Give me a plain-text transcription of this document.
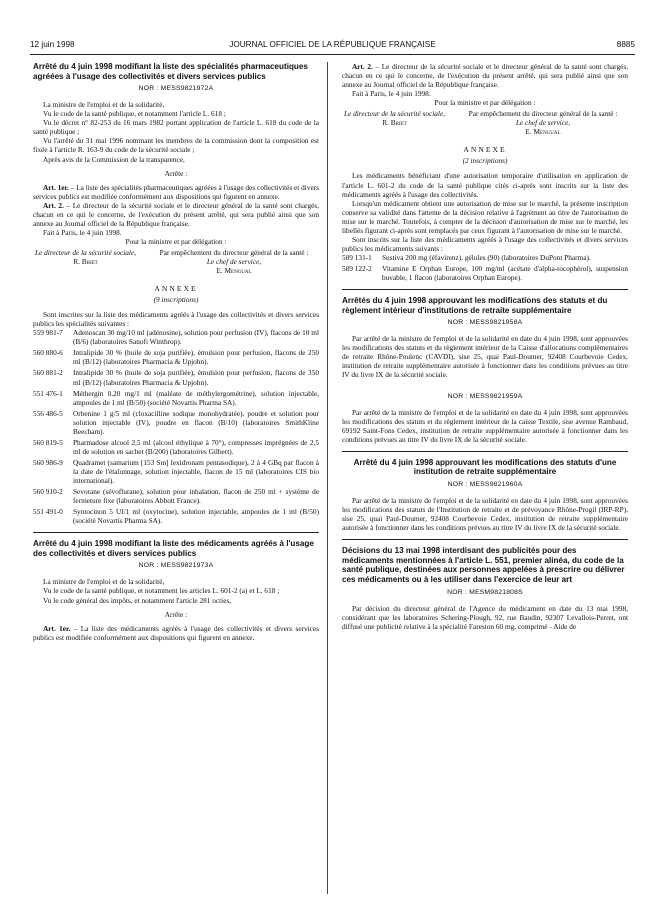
12 juin 1998	JOURNAL OFFICIEL DE LA RÉPUBLIQUE FRANÇAISE	8885

Arrêté du 4 juin 1998 modifiant la liste des spécialités pharmaceutiques agréées à l'usage des collectivités et divers services publics

NOR : MESS9821972A

La ministre de l'emploi et de la solidarité,

Vu le code de la santé publique, et notamment l'article L. 618 ;

Vu le décret n° 82-253 du 16 mars 1982 portant application de l'article L. 618 du code de la santé publique ;

Vu l'arrêté du 31 mai 1996 nommant les membres de la commission dont la composition est fixée à l'article R. 163-9 du code de la sécurité sociale ;

Après avis de la Commission de la transparence,

Arrête :

Art. 1er. – La liste des spécialités pharmaceutiques agréées à l'usage des collectivités et divers services publics est modifiée conformément aux dispositions qui figurent en annexe.

Art. 2. – Le directeur de la sécurité sociale et le directeur général de la santé sont chargés, chacun en ce qui le concerne, de l'exécution du présent arrêté, qui sera publié ainsi que son annexe au Journal officiel de la République française.

Fait à Paris, le 4 juin 1998.

Pour la ministre et par délégation :

Le directeur de la sécurité sociale,
R. Briet
Par empêchement du directeur général de la santé :
Le chef de service,
E. Mengual

ANNEXE

(9 inscriptions)

Sont inscrites sur la liste des médicaments agréés à l'usage des collectivités et divers services publics les spécialités suivantes :

559 981-7	Adenoscan 30 mg/10 ml (adénosine), solution pour perfusion (IV), flacons de 10 ml (B/6) (laboratoires Sanofi Winthrop).
560 880-6	Intralipide 30 % (huile de soja purifiée), émulsion pour perfusion, flacons de 250 ml (B/12) (laboratoires Pharmacia & Upjohn).
560 881-2	Intralipide 30 % (huile de soja purifiée), émulsion pour perfusion, flacons de 350 ml (B/12) (laboratoires Pharmacia & Upjohn).
551 476-1	Méthergin 0,20 mg/1 ml (maléate de méthylergométrine), solution injectable, ampoules de 1 ml (B/50) (société Novartis Pharma SA).
556 486-5	Orbenine 1 g/5 ml (cloxacilline sodique monohydratée), poudre et solution pour solution injectable (IV), poudre en flacon (B/10) (laboratoires SmithKline Beecham).
560 819-5	Pharmadose alcool 2,5 ml (alcool éthylique à 70°), compresses imprégnées de 2,5 ml de solution en sachet (B/200) (laboratoires Gilbert).
560 986-9	Quadramet (samarium [153 Sm] lexidronam pentasodique), 2 à 4 GBq par flacon à la date de l'étalonnage, solution injectable, flacon de 15 ml (laboratoires CIS bio international).
560 910-2	Sevorane (sévoflurane), solution pour inhalation, flacon de 250 ml + système de fermeture fixe (laboratoires Abbott France).
551 491-0	Syntocinon 5 UI/1 ml (oxytocine), solution injectable, ampoules de 1 ml (B/50) (société Novartis Pharma SA).

Arrêté du 4 juin 1998 modifiant la liste des médicaments agréés à l'usage des collectivités et divers services publics

NOR : MESS9821973A

La ministre de l'emploi et de la solidarité,

Vu le code de la santé publique, et notamment les articles L. 601-2 (a) et L. 618 ;

Vu le code général des impôts, et notamment l'article 281 octies,

Arrête :

Art. 1er. – La liste des médicaments agréés à l'usage des collectivités et divers services publics est modifiée conformément aux dispositions qui figurent en annexe.

Art. 2. – Le directeur de la sécurité sociale et le directeur général de la santé sont chargés, chacun en ce qui le concerne, de l'exécution du présent arrêté, qui sera publié ainsi que son annexe au Journal officiel de la République française.

Fait à Paris, le 4 juin 1998.

Pour la ministre et par délégation :

Le directeur de la sécurité sociale,
R. Briet
Par empêchement du directeur général de la santé :
Le chef de service,
E. Mengual

ANNEXE

(2 inscriptions)

Les médicaments bénéficiant d'une autorisation temporaire d'utilisation en application de l'article L. 601-2 du code de la santé publique cités ci-après sont inscrits sur la liste des médicaments agréés à l'usage des collectivités.

Lorsqu'un médicament obtient une autorisation de mise sur le marché, la présente inscription conserve sa validité dans l'attente de la décision relative à l'agrément au titre de l'autorisation de mise sur le marché. Toutefois, à compter de la décision d'autorisation de mise sur le marché, les libellés figurant ci-après sont remplacés par ceux figurant à l'autorisation de mise sur le marché.

Sont inscrits sur la liste des médicaments agréés à l'usage des collectivités et divers services publics les médicaments suivants :

589 131-1	Sustiva 200 mg (éfavirenz), gélules (90) (laboratoires DuPont Pharma).
589 122-2	Vitamine E Orphan Europe, 100 mg/ml (acétate d'alpha-tocophérol), suspension buvable, 1 flacon (laboratoires Orphan Europe).

Arrêtés du 4 juin 1998 approuvant les modifications des statuts et du règlement intérieur d'institutions de retraite supplémentaire

NOR : MESS9821958A

Par arrêté de la ministre de l'emploi et de la solidarité en date du 4 juin 1998, sont approuvées les modifications des statuts et du règlement intérieur de la Caisse d'allocations complémentaires de retraite Rhône-Poulenc (CAVDI), sise 25, quai Paul-Doumer, 92408 Courbevoie Cedex, institution de retraite supplémentaire autorisée à fonctionner dans les conditions prévues au titre IV du livre IX de la sécurité sociale.

NOR : MESS9821959A

Par arrêté de la ministre de l'emploi et de la solidarité en date du 4 juin 1998, sont approuvées les modifications des statuts et du règlement intérieur de la caisse Textile, sise avenue Rambaud, 69192 Saint-Fons Cedex, institution de retraite supplémentaire autorisée à fonctionner dans les conditions prévues au titre IV du livre IX de la sécurité sociale.

Arrêté du 4 juin 1998 approuvant les modifications des statuts d'une institution de retraite supplémentaire

NOR : MESS9821960A

Par arrêté de la ministre de l'emploi et de la solidarité en date du 4 juin 1998, sont approuvées les modifications des statuts de l'Institution de retraite et de prévoyance Rhône-Progil (IRP-RP), sise 25, quai Paul-Doumer, 92408 Courbevoie Cedex, institution de retraite supplémentaire autorisée à fonctionner dans les conditions prévues au titre IV du livre IX de la sécurité sociale.

Décisions du 13 mai 1998 interdisant des publicités pour des médicaments mentionnées à l'article L. 551, premier alinéa, du code de la santé publique, destinées aux personnes appelées à prescrire ou délivrer ces médicaments ou à les utiliser dans l'exercice de leur art

NOR : MESM9821808S

Par décision du directeur général de l'Agence du médicament en date du 13 mai 1998, considérant que les laboratoires Schering-Plough, 92, rue Baudin, 92307 Levallois-Perret, ont diffusé une publicité relative à la spécialité Fareston 60 mg, comprimé - Aide de
